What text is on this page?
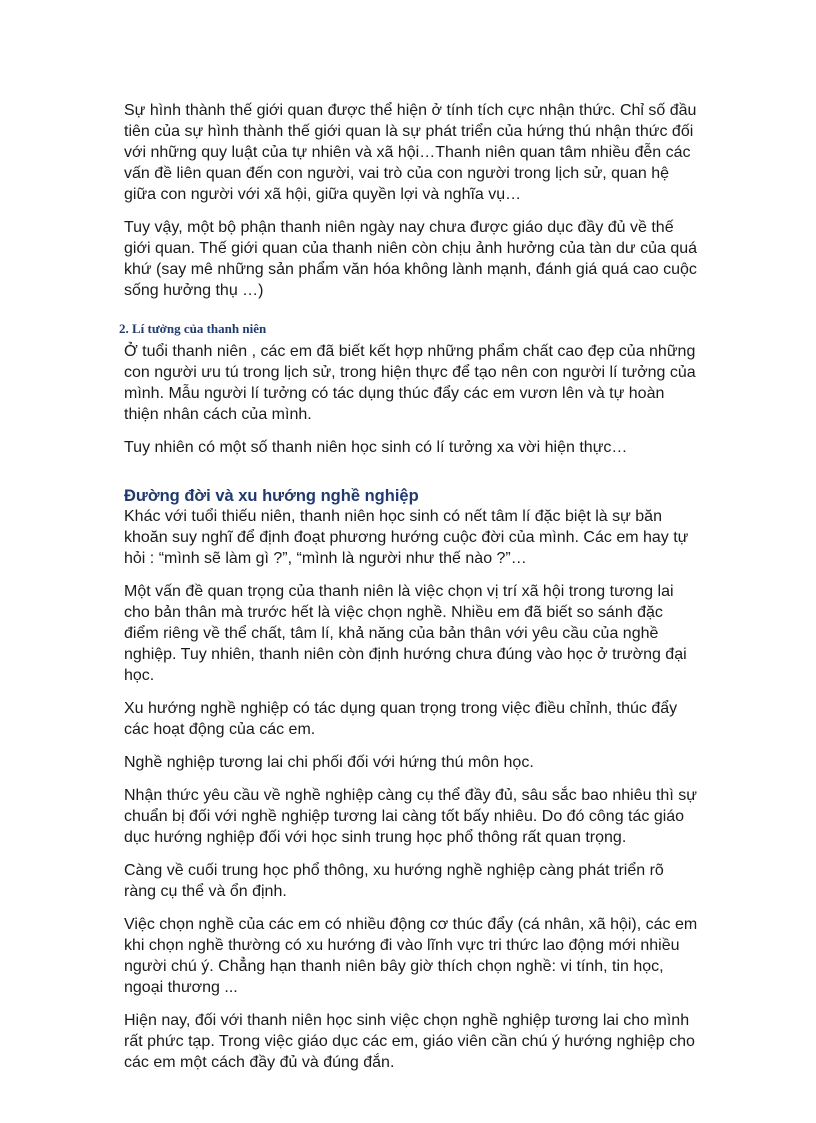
Sự hình thành thế giới quan được thể hiện ở tính tích cực nhận thức. Chỉ số đầu tiên của sự hình thành thế giới quan là sự phát triển của hứng thú nhận thức đối với những quy luật của tự nhiên và xã hội…Thanh niên quan tâm nhiều đễn các vấn đề liên quan đến con người, vai trò của con người trong lịch sử, quan hệ giữa con người với xã hội, giữa quyền lợi và nghĩa vụ…

Tuy vậy, một bộ phận thanh niên ngày nay chưa được giáo dục đầy đủ về thế giới quan. Thế giới quan của thanh niên còn chịu ảnh hưởng của tàn dư của quá khứ (say mê những sản phẩm văn hóa không lành mạnh, đánh giá quá cao cuộc sống hưởng thụ …)

2. Lí tưởng của thanh niên

Ở tuổi thanh niên , các em đã biết kết hợp những phẩm chất cao đẹp của những con người ưu tú trong lịch sử, trong hiện thực để tạo nên con người lí tưởng của mình. Mẫu người lí tưởng có tác dụng thúc đẩy các em vươn lên và tự hoàn thiện nhân cách của mình.

Tuy nhiên có một số thanh niên học sinh có lí tưởng xa vời hiện thực…

Đường đời và xu hướng nghề nghiệp

Khác với tuổi thiếu niên, thanh niên học sinh có nết tâm lí đặc biệt là sự băn khoăn suy nghĩ để định đoạt phương hướng cuộc đời của mình. Các em hay tự hỏi : “mình sẽ làm gì ?”, “mình là người như thế nào ?”…

Một vấn đề quan trọng của thanh niên là việc chọn vị trí xã hội trong tương lai cho bản thân mà trước hết là việc chọn nghề. Nhiều em đã biết so sánh đặc điểm riêng về thể chất, tâm lí, khả năng của bản thân với yêu cầu của nghề nghiệp. Tuy nhiên, thanh niên còn định hướng chưa đúng vào học ở trường đại học.

Xu hướng nghề nghiệp có tác dụng quan trọng trong việc điều chỉnh, thúc đẩy các hoạt động của các em.

Nghề nghiệp tương lai chi phối đối với hứng thú môn học.

Nhận thức yêu cầu về nghề nghiệp càng cụ thể đầy đủ, sâu sắc bao nhiêu thì sự chuẩn bị đối với nghề nghiệp tương lai càng tốt bấy nhiêu. Do đó công tác giáo dục hướng nghiệp đối với học sinh trung học phổ thông rất quan trọng.

Càng về cuối trung học phổ thông, xu hướng nghề nghiệp càng phát triển rõ ràng cụ thể và ổn định.

Việc chọn nghề của các em có nhiều động cơ thúc đẩy (cá nhân, xã hội), các em khi chọn nghề thường có xu hướng đi vào lĩnh vực tri thức lao động mới nhiều người chú ý. Chẳng hạn thanh niên bây giờ thích chọn nghề: vi tính, tin học, ngoại thương ...

Hiện nay, đối với thanh niên học sinh việc chọn nghề nghiệp tương lai cho mình rất phức tạp. Trong việc giáo dục các em, giáo viên cần chú ý hướng nghiệp cho các em một cách đầy đủ và đúng đắn.
